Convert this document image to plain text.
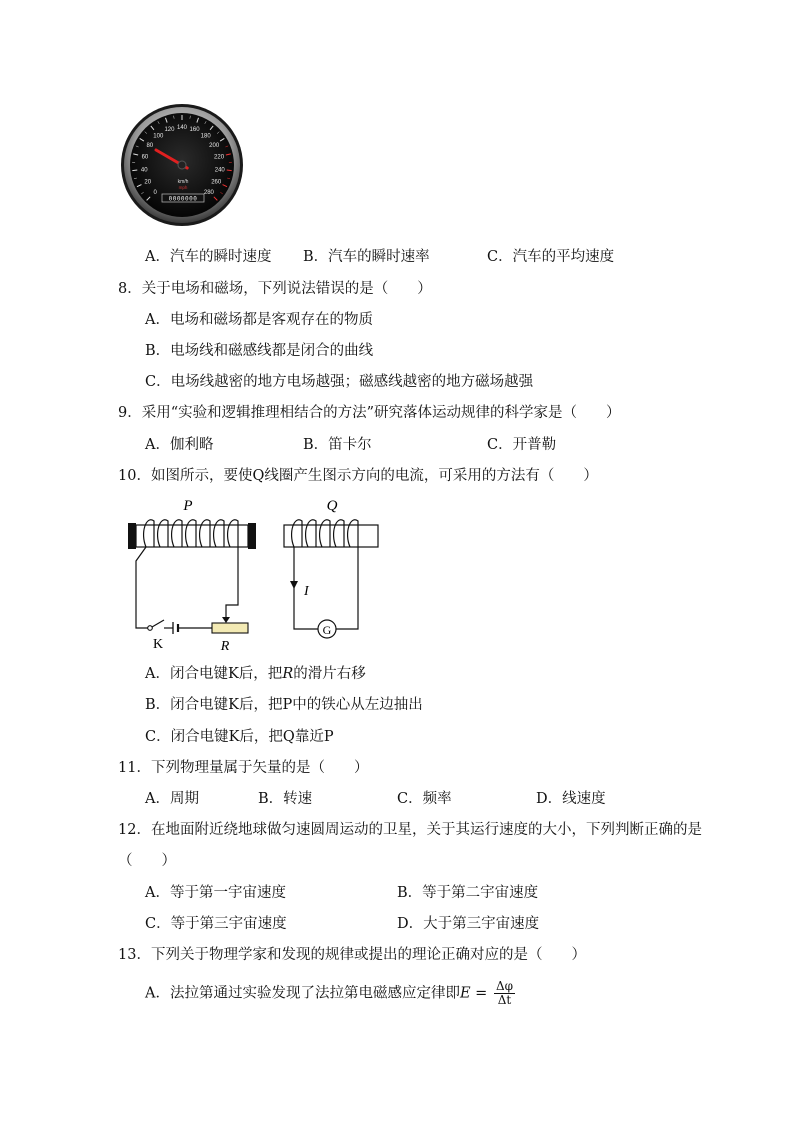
0
20
40
60
80
100
120 140 160
180
200
220
240
260
280
km/h
mph
0000000
A．汽车的瞬时速度 B．汽车的瞬时速率	C．汽车的平均速度
8．关于电场和磁场，下列说法错误的是（　　）
A．电场和磁场都是客观存在的物质
B．电场线和磁感线都是闭合的曲线
C．电场线越密的地方电场越强；磁感线越密的地方磁场越强
9．采用“实验和逻辑推理相结合的方法”研究落体运动规律的科学家是（　　）
A．伽利略	B．笛卡尔	C．开普勒
10．如图所示，要使Q线圈产生图示方向的电流，可采用的方法有（　　）
P
K	R
Q
I
G
A．闭合电键K后，把R的滑片右移
B．闭合电键K后，把P中的铁心从左边抽出
C．闭合电键K后，把Q靠近P
11．下列物理量属于矢量的是（　　）
A．周期	B．转速	C．频率	D．线速度
12．在地面附近绕地球做匀速圆周运动的卫星，关于其运行速度的大小，下列判断正确的是
（　　）
A．等于第一宇宙速度	B．等于第二宇宙速度
C．等于第三宇宙速度	D．大于第三宇宙速度
13．下列关于物理学家和发现的规律或提出的理论正确对应的是（　　）
A．法拉第通过实验发现了法拉第电磁感应定律即$E = \frac{\Delta\varphi}{\Delta t}$
